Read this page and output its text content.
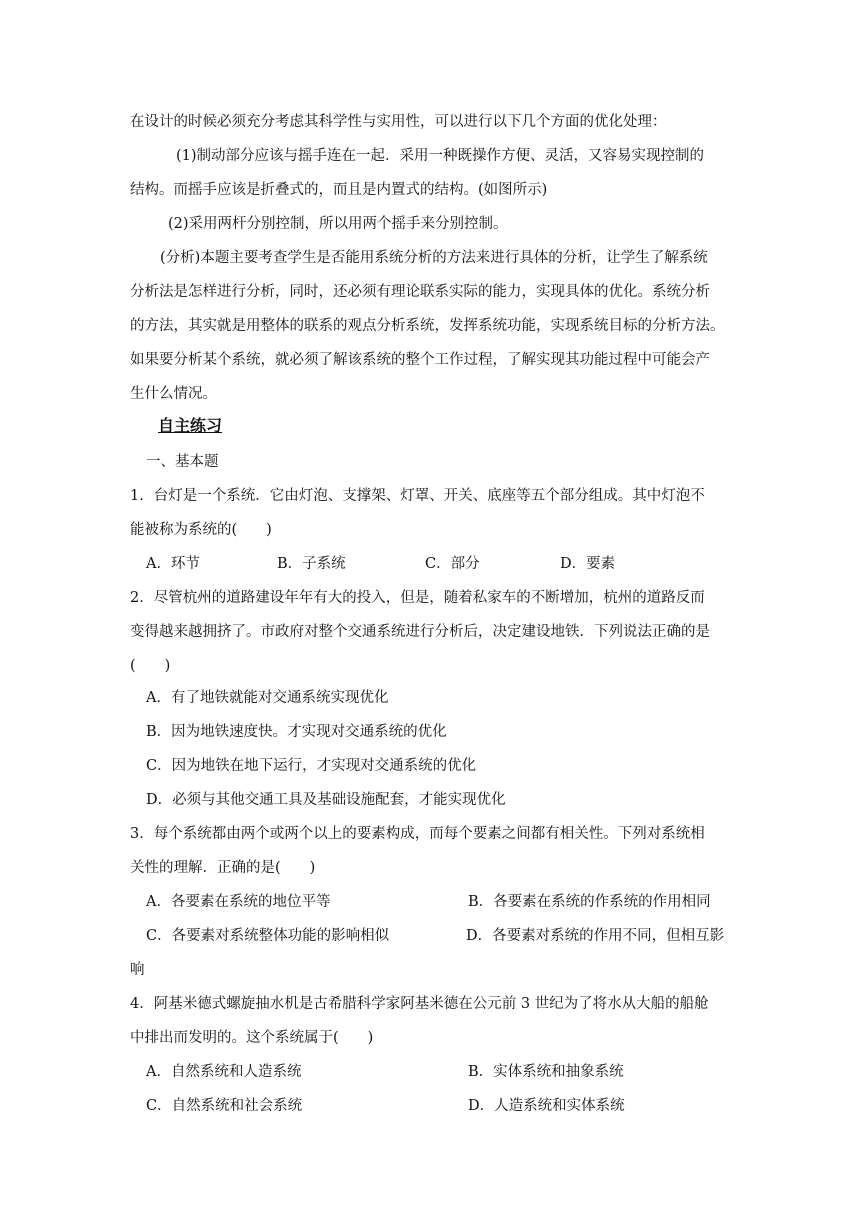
在设计的时候必须充分考虑其科学性与实用性，可以进行以下几个方面的优化处理：
(1)制动部分应该与摇手连在一起．采用一种既操作方便、灵活，又容易实现控制的
结构。而摇手应该是折叠式的，而且是内置式的结构。(如图所示)
(2)采用两杆分别控制，所以用两个摇手来分别控制。
(分析)本题主要考查学生是否能用系统分析的方法来进行具体的分析，让学生了解系统
分析法是怎样进行分析，同时，还必须有理论联系实际的能力，实现具体的优化。系统分析
的方法，其实就是用整体的联系的观点分析系统，发挥系统功能，实现系统目标的分析方法。
如果要分析某个系统，就必须了解该系统的整个工作过程，了解实现其功能过程中可能会产
生什么情况。
自主练习
一、基本题
1．台灯是一个系统．它由灯泡、支撑架、灯罩、开关、底座等五个部分组成。其中灯泡不
能被称为系统的(　　)
A．环节	B．子系统	C．部分	D．要素
2．尽管杭州的道路建设年年有大的投入，但是，随着私家车的不断增加，杭州的道路反而
变得越来越拥挤了。市政府对整个交通系统进行分析后，决定建设地铁．下列说法正确的是
(　　)
A．有了地铁就能对交通系统实现优化
B．因为地铁速度快。才实现对交通系统的优化
C．因为地铁在地下运行，才实现对交通系统的优化
D．必须与其他交通工具及基础设施配套，才能实现优化
3．每个系统都由两个或两个以上的要素构成，而每个要素之间都有相关性。下列对系统相
关性的理解．正确的是(　　)
A．各要素在系统的地位平等	B．各要素在系统的作系统的作用相同
C．各要素对系统整体功能的影响相似	D．各要素对系统的作用不同，但相互影
响
4．阿基米德式螺旋抽水机是古希腊科学家阿基米德在公元前 3 世纪为了将水从大船的船舱
中排出而发明的。这个系统属于(　　)
A．自然系统和人造系统	B．实体系统和抽象系统
C．自然系统和社会系统	D．人造系统和实体系统
